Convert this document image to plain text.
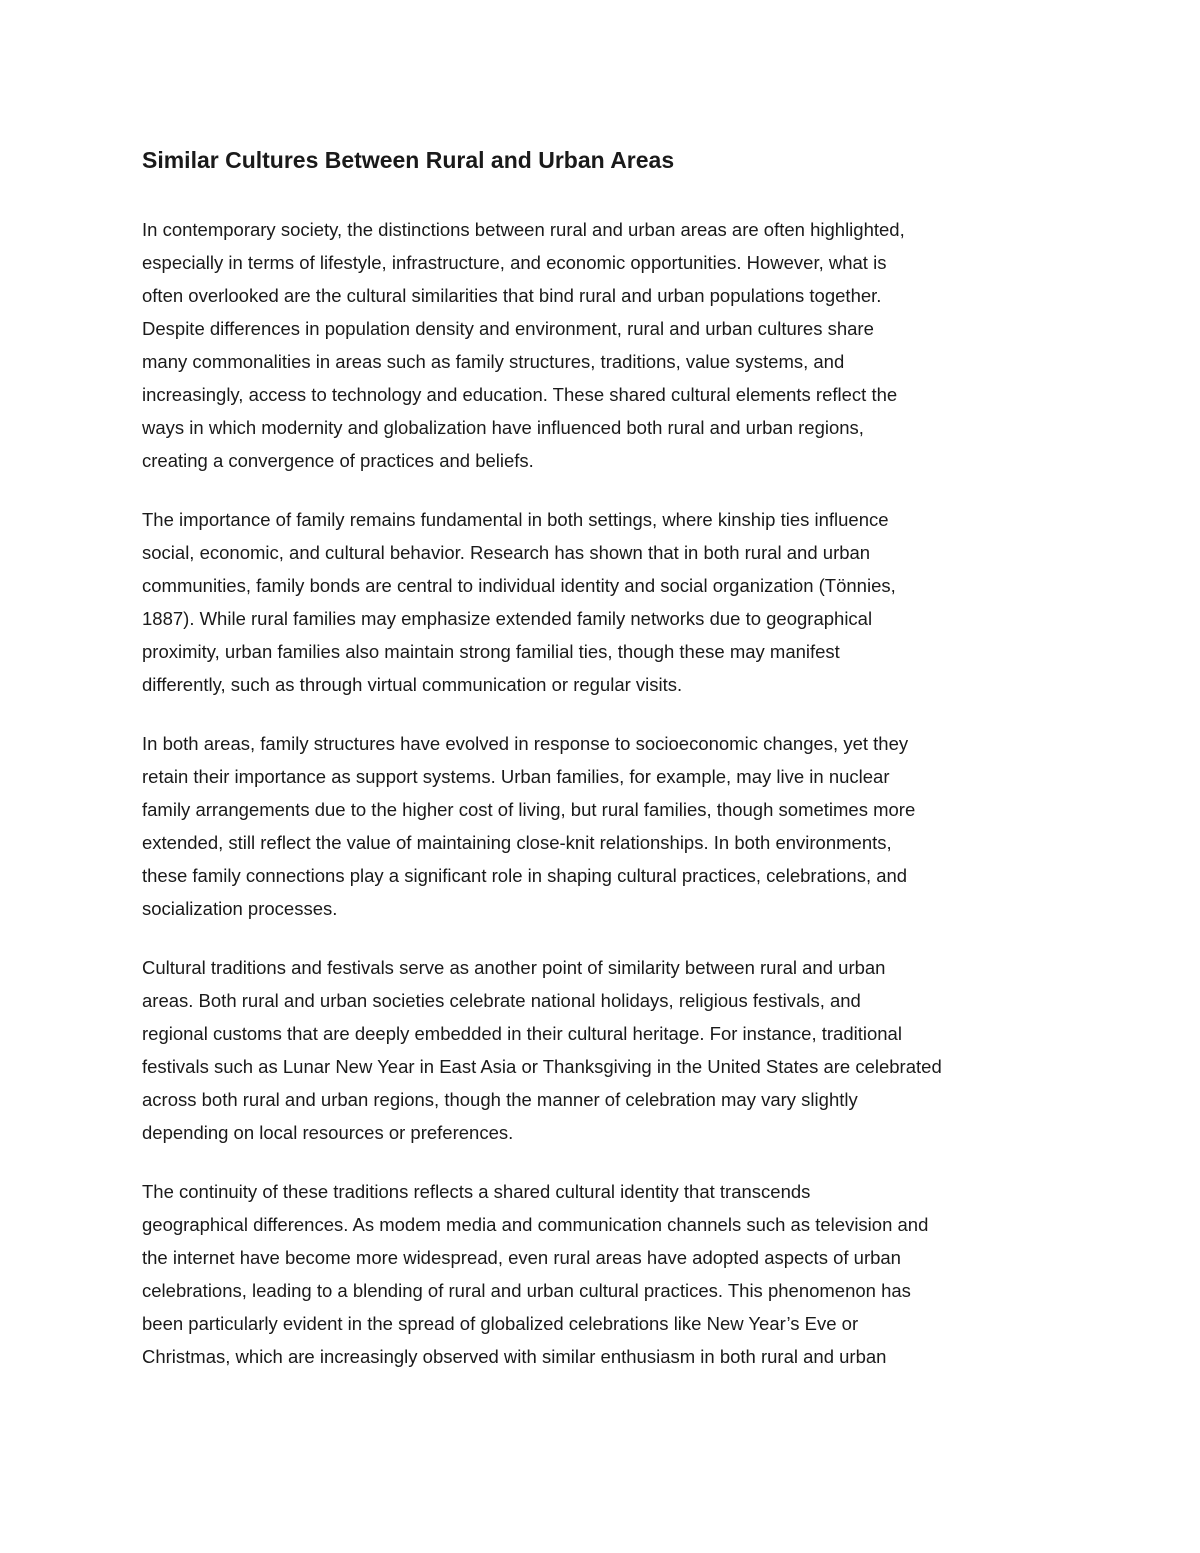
Similar Cultures Between Rural and Urban Areas

In contemporary society, the distinctions between rural and urban areas are often highlighted,
especially in terms of lifestyle, infrastructure, and economic opportunities. However, what is
often overlooked are the cultural similarities that bind rural and urban populations together.
Despite differences in population density and environment, rural and urban cultures share
many commonalities in areas such as family structures, traditions, value systems, and
increasingly, access to technology and education. These shared cultural elements reflect the
ways in which modernity and globalization have influenced both rural and urban regions,
creating a convergence of practices and beliefs.

The importance of family remains fundamental in both settings, where kinship ties influence
social, economic, and cultural behavior. Research has shown that in both rural and urban
communities, family bonds are central to individual identity and social organization (Tönnies,
1887). While rural families may emphasize extended family networks due to geographical
proximity, urban families also maintain strong familial ties, though these may manifest
differently, such as through virtual communication or regular visits.

In both areas, family structures have evolved in response to socioeconomic changes, yet they
retain their importance as support systems. Urban families, for example, may live in nuclear
family arrangements due to the higher cost of living, but rural families, though sometimes more
extended, still reflect the value of maintaining close-knit relationships. In both environments,
these family connections play a significant role in shaping cultural practices, celebrations, and
socialization processes.

Cultural traditions and festivals serve as another point of similarity between rural and urban
areas. Both rural and urban societies celebrate national holidays, religious festivals, and
regional customs that are deeply embedded in their cultural heritage. For instance, traditional
festivals such as Lunar New Year in East Asia or Thanksgiving in the United States are celebrated
across both rural and urban regions, though the manner of celebration may vary slightly
depending on local resources or preferences.

The continuity of these traditions reflects a shared cultural identity that transcends
geographical differences. As modem media and communication channels such as television and
the internet have become more widespread, even rural areas have adopted aspects of urban
celebrations, leading to a blending of rural and urban cultural practices. This phenomenon has
been particularly evident in the spread of globalized celebrations like New Year’s Eve or
Christmas, which are increasingly observed with similar enthusiasm in both rural and urban
